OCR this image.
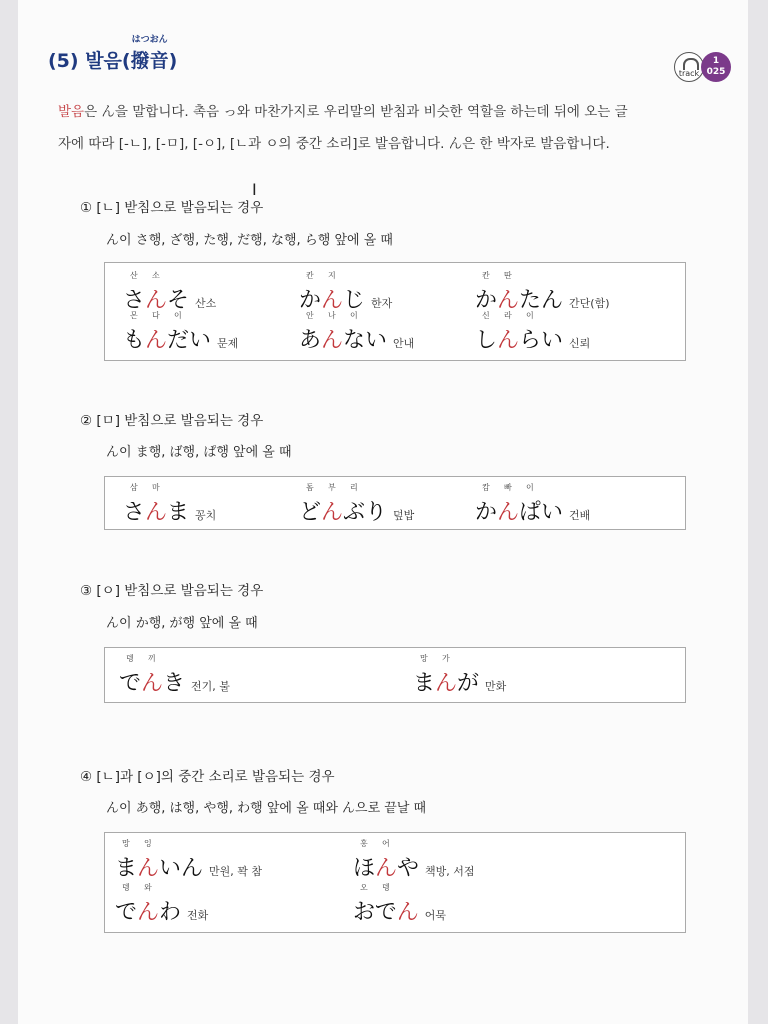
(5) 발음(
はつおん
撥音)
track
1
025
발음은 ん을 말합니다. 촉음 っ와 마찬가지로 우리말의 받침과 비슷한 역할을 하는데 뒤에 오는 글
자에 따라 [-ㄴ], [-ㅁ], [-ㅇ], [ㄴ과 ㅇ의 중간 소리]로 발음합니다. ん은 한 박자로 발음합니다.
I
① [ㄴ] 받침으로 발음되는 경우
ん이 さ행, ざ행, た행, だ행, な행, ら행 앞에 올 때
산 소
さんそ 산소
칸 지
かんじ 한자
칸 딴
かんたん 간단(함)
몬 다 이
もんだい 문제
안 나 이
あんない 안내
신 라 이
しんらい 신뢰
② [ㅁ] 받침으로 발음되는 경우
ん이 ま행, ば행, ぱ행 앞에 올 때
삼 마
さんま 꽁치
돔 부 리
どんぶり 덮밥
캄 빠 이
かんぱい 건배
③ [ㅇ] 받침으로 발음되는 경우
ん이 か행, が행 앞에 올 때
뎅 끼
でんき 전기, 불
망 가
まんが 만화
④ [ㄴ]과 [ㅇ]의 중간 소리로 발음되는 경우
ん이 あ행, は행, や행, わ행 앞에 올 때와 ん으로 끝날 때
망 잉
まんいん 만원, 꽉 참
홍 어
ほんや 책방, 서점
뎅 와
でんわ 전화
오 뎅
おでん 어묵
